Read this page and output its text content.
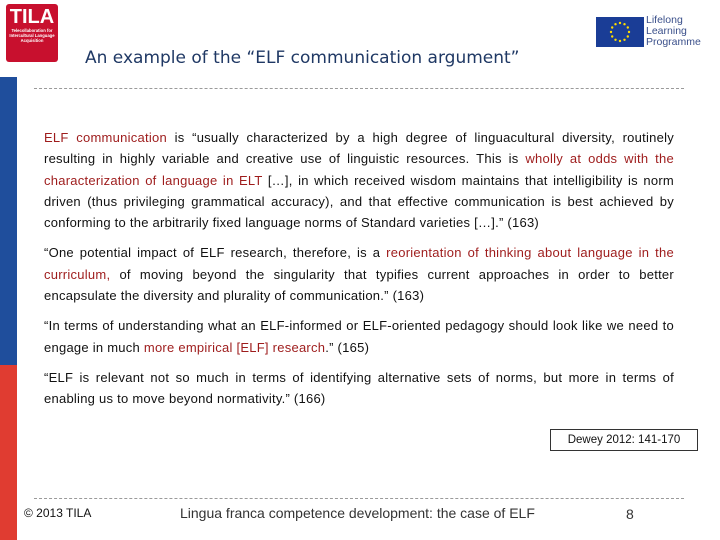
TILA
Telecollaboration for Intercultural Language Acquisition
An example of the “ELF communication argument”
Lifelong
Learning
Programme

ELF communication is “usually characterized by a high degree of linguacultural diversity, routinely resulting in highly variable and creative use of linguistic resources. This is wholly at odds with the characterization of language in ELT […], in which received wisdom maintains that intelligibility is norm driven (thus privileging grammatical accuracy), and that effective communication is best achieved by conforming to the arbitrarily fixed language norms of Standard varieties […].” (163)

“One potential impact of ELF research, therefore, is a reorientation of thinking about language in the curriculum, of moving beyond the singularity that typifies current approaches in order to better encapsulate the diversity and plurality of communication.” (163)

“In terms of understanding what an ELF-informed or ELF-oriented pedagogy should look like we need to engage in much more empirical [ELF] research.” (165)

“ELF is relevant not so much in terms of identifying alternative sets of norms, but more in terms of enabling us to move beyond normativity.” (166)

Dewey 2012: 141-170
© 2013 TILA	Lingua franca competence development: the case of ELF	8
